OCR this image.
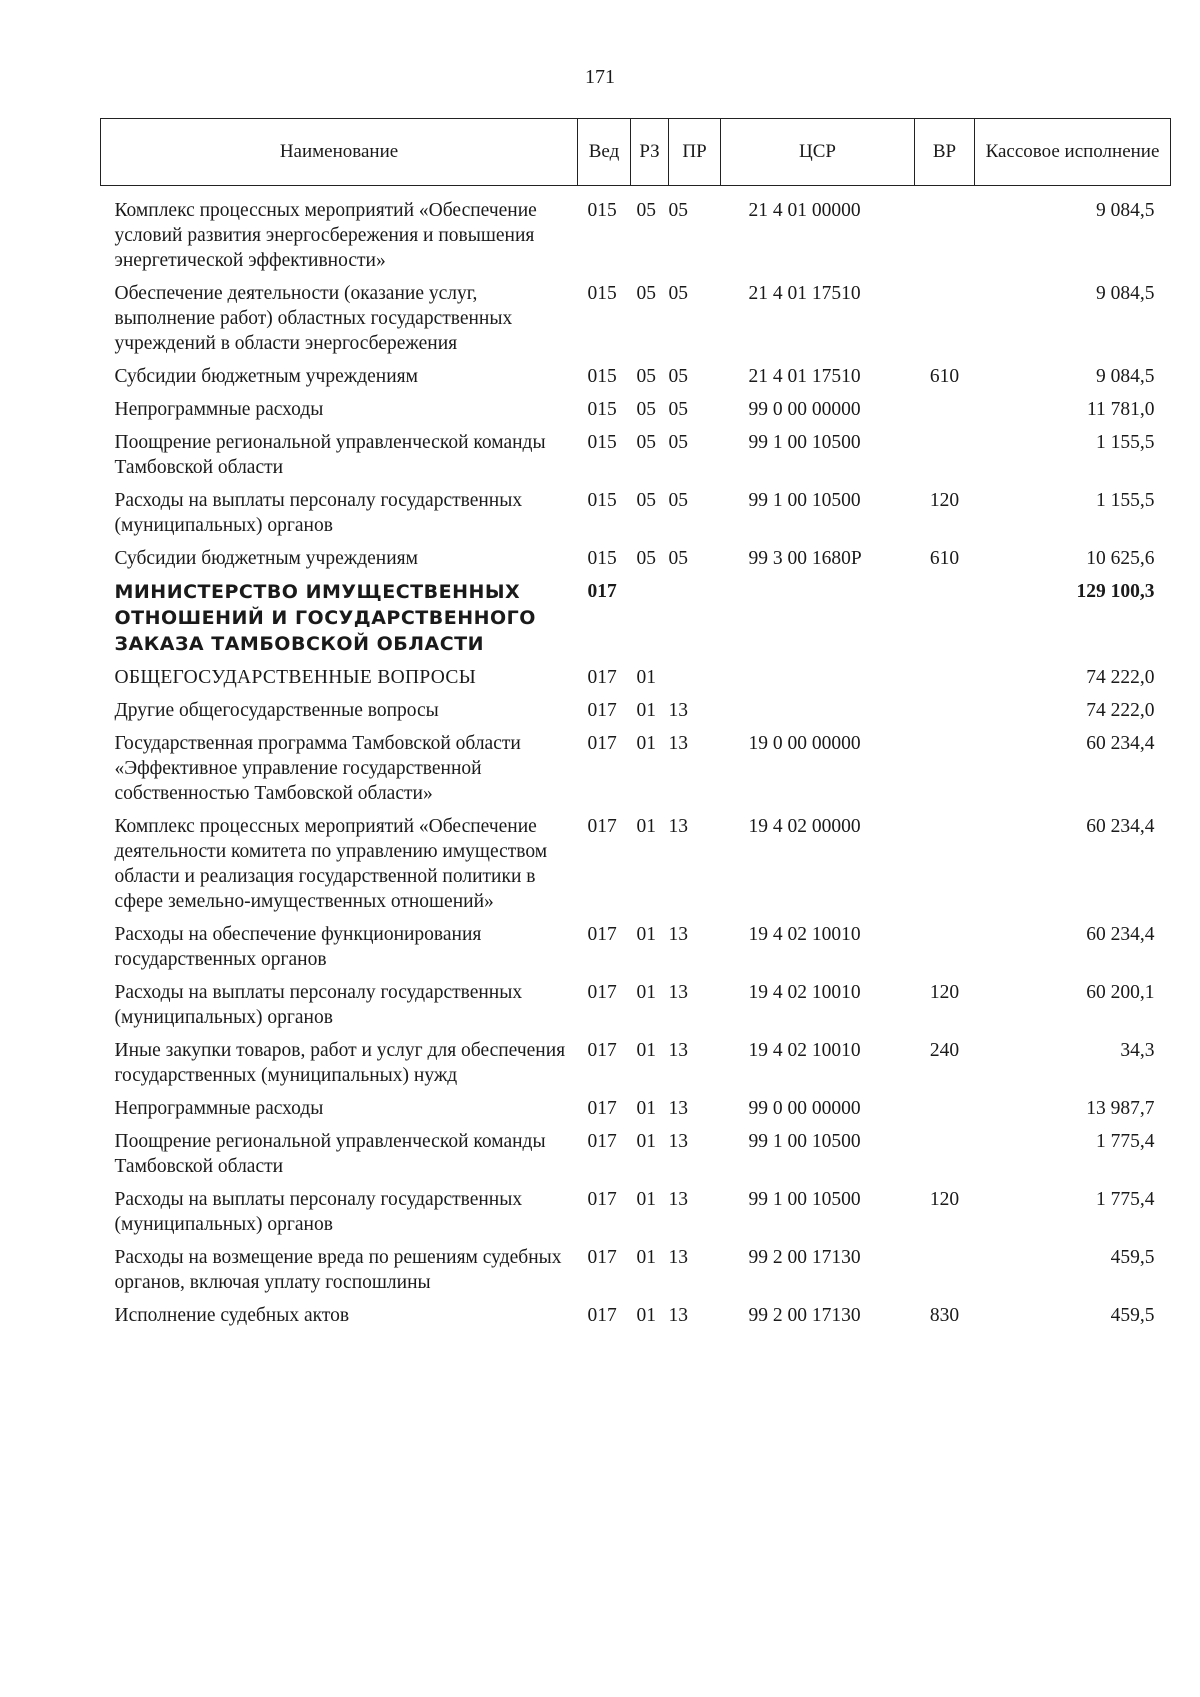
171
Наименование	Вед	РЗ	ПР	ЦСР	ВР	Кассовое исполнение
Комплекс процессных мероприятий «Обеспечение условий развития энергосбережения и повышения энергетической эффективности»	015	05	05	21 4 01 00000		9 084,5
Обеспечение деятельности (оказание услуг, выполнение работ) областных государственных учреждений в области энергосбережения	015	05	05	21 4 01 17510		9 084,5
Субсидии бюджетным учреждениям	015	05	05	21 4 01 17510	610	9 084,5
Непрограммные расходы	015	05	05	99 0 00 00000		11 781,0
Поощрение региональной управленческой команды Тамбовской области	015	05	05	99 1 00 10500		1 155,5
Расходы на выплаты персоналу государственных (муниципальных) органов	015	05	05	99 1 00 10500	120	1 155,5
Субсидии бюджетным учреждениям	015	05	05	99 3 00 1680Р	610	10 625,6
МИНИСТЕРСТВО ИМУЩЕСТВЕННЫХ ОТНОШЕНИЙ И ГОСУДАРСТВЕННОГО ЗАКАЗА ТАМБОВСКОЙ ОБЛАСТИ	017					129 100,3
ОБЩЕГОСУДАРСТВЕННЫЕ ВОПРОСЫ	017	01				74 222,0
Другие общегосударственные вопросы	017	01	13			74 222,0
Государственная программа Тамбовской области «Эффективное управление государственной собственностью Тамбовской области»	017	01	13	19 0 00 00000		60 234,4
Комплекс процессных мероприятий «Обеспечение деятельности комитета по управлению имуществом области и реализация государственной политики в сфере земельно-имущественных отношений»	017	01	13	19 4 02 00000		60 234,4
Расходы на обеспечение функционирования государственных органов	017	01	13	19 4 02 10010		60 234,4
Расходы на выплаты персоналу государственных (муниципальных) органов	017	01	13	19 4 02 10010	120	60 200,1
Иные закупки товаров, работ и услуг для обеспечения государственных (муниципальных) нужд	017	01	13	19 4 02 10010	240	34,3
Непрограммные расходы	017	01	13	99 0 00 00000		13 987,7
Поощрение региональной управленческой команды Тамбовской области	017	01	13	99 1 00 10500		1 775,4
Расходы на выплаты персоналу государственных (муниципальных) органов	017	01	13	99 1 00 10500	120	1 775,4
Расходы на возмещение вреда по решениям судебных органов, включая уплату госпошлины	017	01	13	99 2 00 17130		459,5
Исполнение судебных актов	017	01	13	99 2 00 17130	830	459,5
